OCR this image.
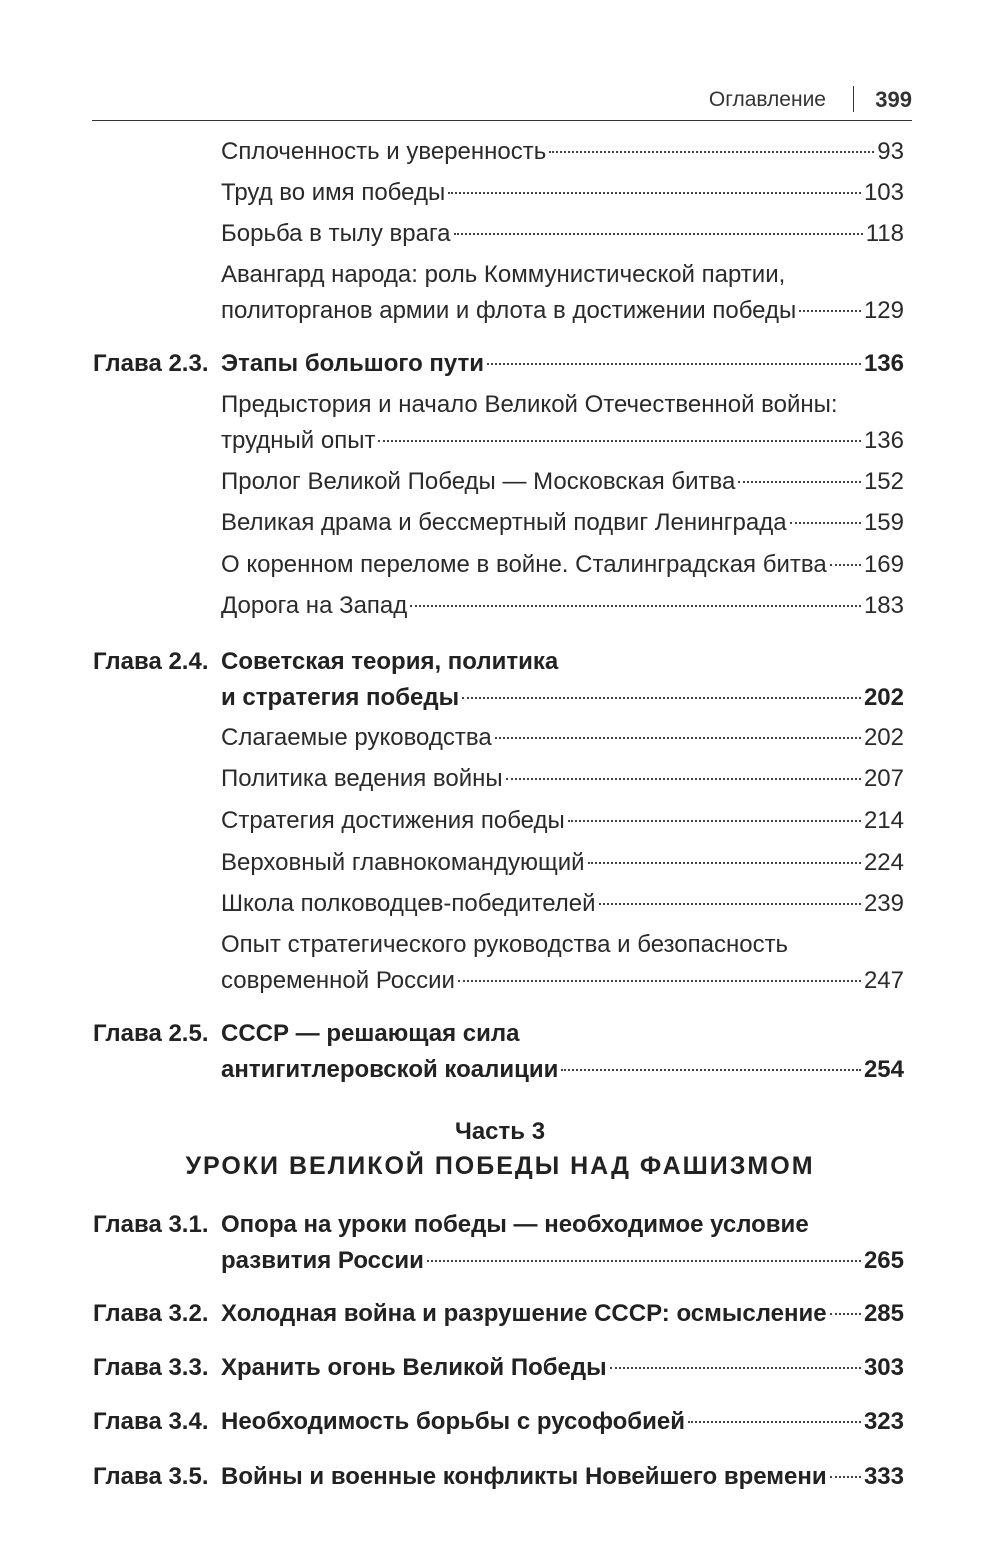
Оглавление 399
Сплоченность и уверенность	93
Труд во имя победы	103
Борьба в тылу врага	118
Авангард народа: роль Коммунистической партии,
политорганов армии и флота в достижении победы	129
Глава 2.3. Этапы большого пути	136
Предыстория и начало Великой Отечественной войны:
трудный опыт	136
Пролог Великой Победы — Московская битва	152
Великая драма и бессмертный подвиг Ленинграда	159
О коренном переломе в войне. Сталинградская битва 169
Дорога на Запад	183
Глава 2.4. Советская теория, политика
и стратегия победы	202
Слагаемые руководства	202
Политика ведения войны	207
Стратегия достижения победы	214
Верховный главнокомандующий	224
Школа полководцев-победителей	239
Опыт стратегического руководства и безопасность
современной России	247
Глава 2.5. СССР — решающая сила
антигитлеровской коалиции	254
Часть 3
УРОКИ ВЕЛИКОЙ ПОБЕДЫ НАД ФАШИЗМОМ
Глава 3.1. Опора на уроки победы — необходимое условие
развития России	265
Глава 3.2. Холодная война и разрушение СССР: осмысление 285
Глава 3.3. Хранить огонь Великой Победы	303
Глава 3.4. Необходимость борьбы с русофобией	323
Глава 3.5. Войны и военные конфликты Новейшего времени 333
